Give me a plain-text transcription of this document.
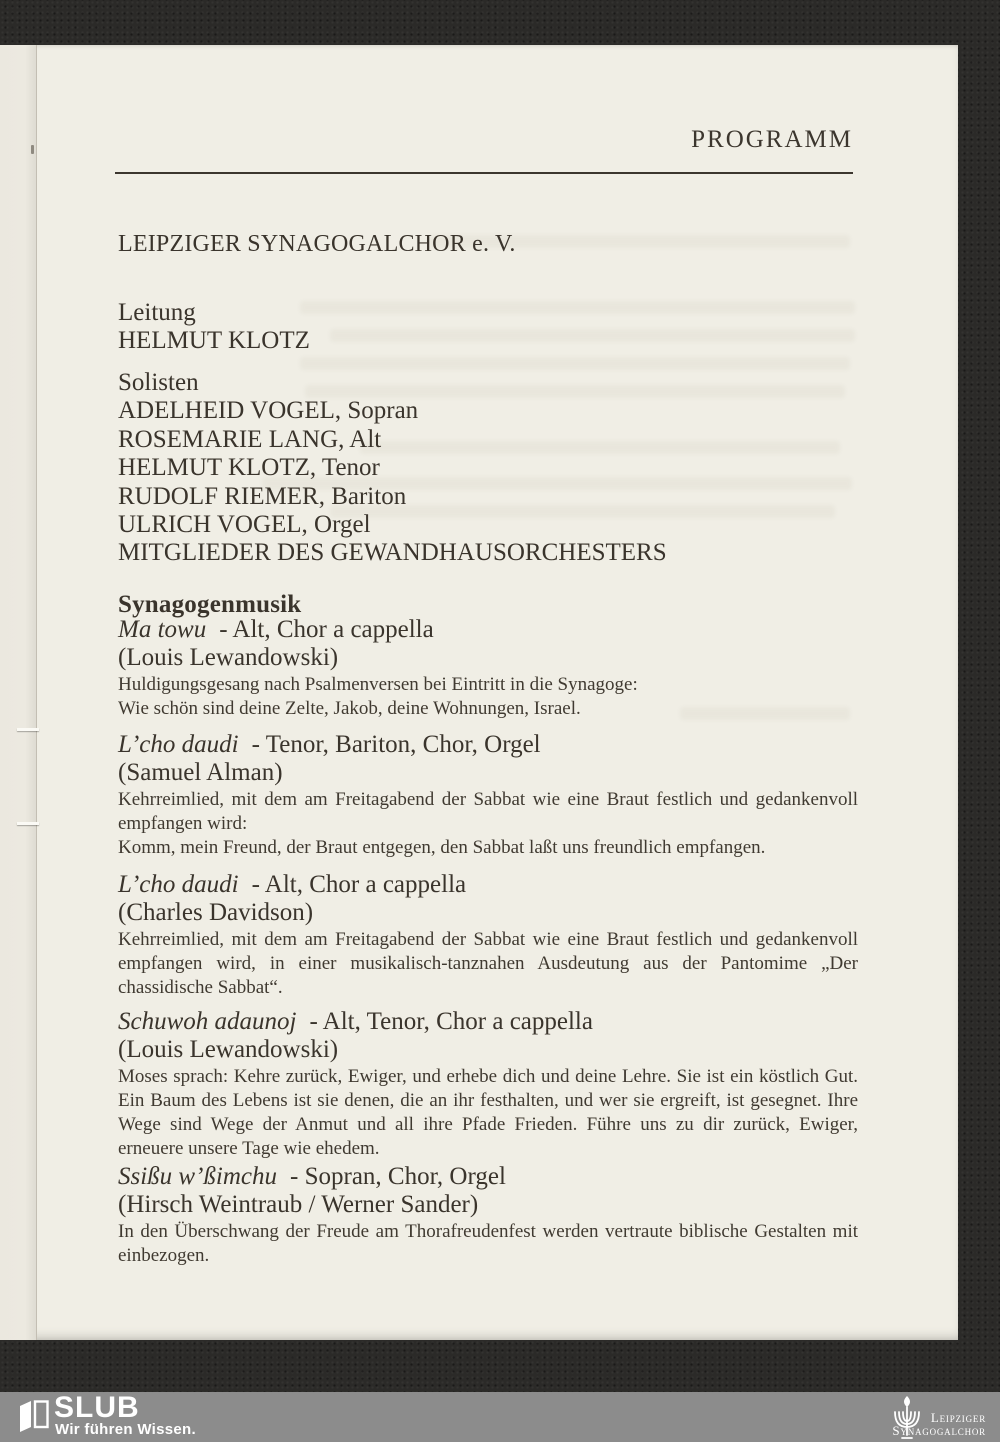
PROGRAMM
LEIPZIGER SYNAGOGALCHOR e. V.
Leitung
HELMUT KLOTZ
Solisten
ADELHEID VOGEL, Sopran
ROSEMARIE LANG, Alt
HELMUT KLOTZ, Tenor
RUDOLF RIEMER, Bariton
ULRICH VOGEL, Orgel
MITGLIEDER DES GEWANDHAUSORCHESTERS
Synagogenmusik
Ma towu - Alt, Chor a cappella
(Louis Lewandowski)

Huldigungsgesang nach Psalmenversen bei Eintritt in die Synagoge:

Wie schön sind deine Zelte, Jakob, deine Wohnungen, Israel.

L’cho daudi - Tenor, Bariton, Chor, Orgel
(Samuel Alman)

Kehrreimlied, mit dem am Freitagabend der Sabbat wie eine Braut festlich und gedankenvoll empfangen wird:

Komm, mein Freund, der Braut entgegen, den Sabbat laßt uns freundlich empfangen.

L’cho daudi - Alt, Chor a cappella
(Charles Davidson)

Kehrreimlied, mit dem am Freitagabend der Sabbat wie eine Braut festlich und gedankenvoll empfangen wird, in einer musikalisch-tanznahen Ausdeutung aus der Pantomime „Der chassidische Sabbat“.

Schuwoh adaunoj - Alt, Tenor, Chor a cappella
(Louis Lewandowski)

Moses sprach: Kehre zurück, Ewiger, und erhebe dich und deine Lehre. Sie ist ein köstlich Gut. Ein Baum des Lebens ist sie denen, die an ihr festhalten, und wer sie ergreift, ist gesegnet. Ihre Wege sind Wege der Anmut und all ihre Pfade Frieden. Führe uns zu dir zurück, Ewiger, erneuere unsere Tage wie ehedem.

Ssißu w’ßimchu - Sopran, Chor, Orgel
(Hirsch Weintraub / Werner Sander)

In den Überschwang der Freude am Thorafreudenfest werden vertraute biblische Gestalten mit einbezogen.

SLUB
Wir führen Wissen.
Leipziger
Synagogalchor
